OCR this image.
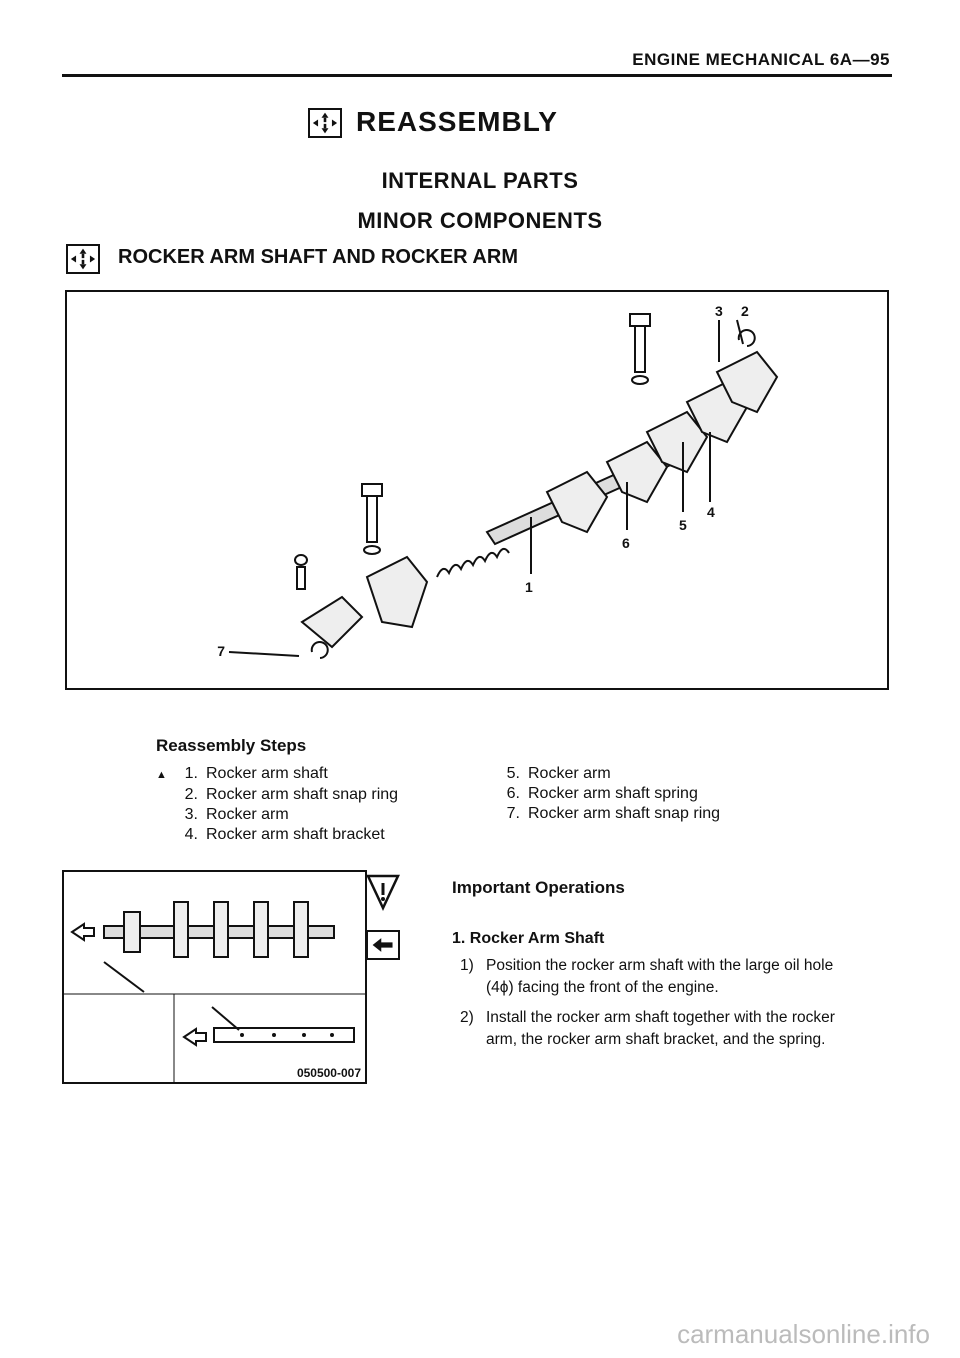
ENGINE MECHANICAL 6A—95
REASSEMBLY
INTERNAL PARTS
MINOR COMPONENTS
ROCKER ARM SHAFT AND ROCKER ARM
1
2
3
4
5
6
7
Reassembly Steps
▲ 1. Rocker arm shaft
2. Rocker arm shaft snap ring
3. Rocker arm
4. Rocker arm shaft bracket
5. Rocker arm
6. Rocker arm shaft spring
7. Rocker arm shaft snap ring
050500-007
Important Operations
1. Rocker Arm Shaft
1) Position the rocker arm shaft with the large oil hole
(4ϕ) facing the front of the engine.
2) Install the rocker arm shaft together with the rocker
arm, the rocker arm shaft bracket, and the spring.
carmanualsonline.info
